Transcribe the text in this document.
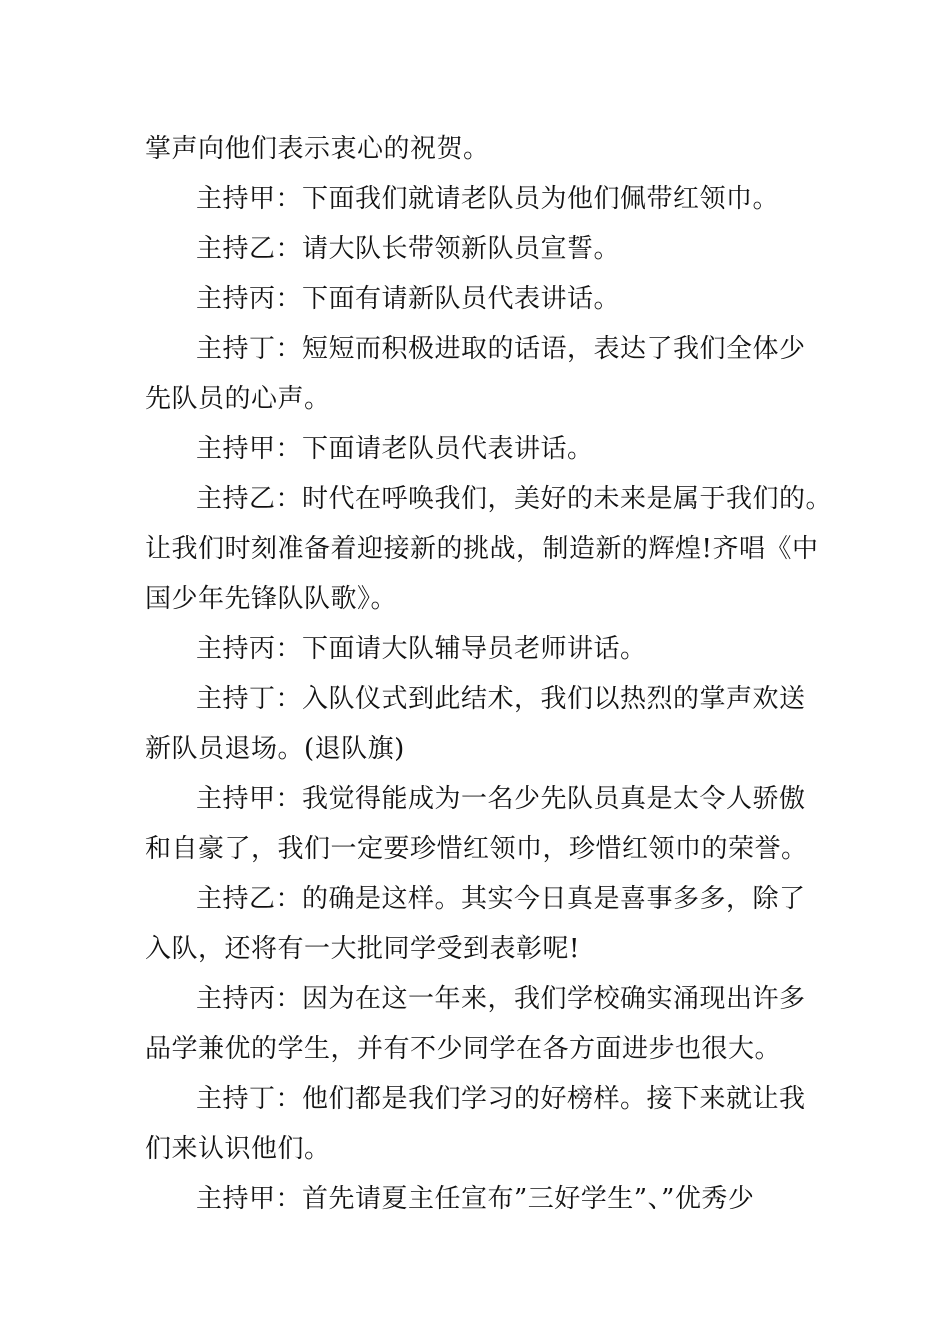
掌声向他们表示衷心的祝贺。
主持甲：下面我们就请老队员为他们佩带红领巾。
主持乙：请大队长带领新队员宣誓。
主持丙：下面有请新队员代表讲话。
主持丁：短短而积极进取的话语，表达了我们全体少
先队员的心声。
主持甲：下面请老队员代表讲话。
主持乙：时代在呼唤我们，美好的未来是属于我们的。
让我们时刻准备着迎接新的挑战，制造新的辉煌!齐唱《中
国少年先锋队队歌》。
主持丙：下面请大队辅导员老师讲话。
主持丁：入队仪式到此结术，我们以热烈的掌声欢送
新队员退场。(退队旗)
主持甲：我觉得能成为一名少先队员真是太令人骄傲
和自豪了，我们一定要珍惜红领巾，珍惜红领巾的荣誉。
主持乙：的确是这样。其实今日真是喜事多多，除了
入队，还将有一大批同学受到表彰呢!
主持丙：因为在这一年来，我们学校确实涌现出许多
品学兼优的学生，并有不少同学在各方面进步也很大。
主持丁：他们都是我们学习的好榜样。接下来就让我
们来认识他们。
主持甲：首先请夏主任宣布”三好学生”、”优秀少
